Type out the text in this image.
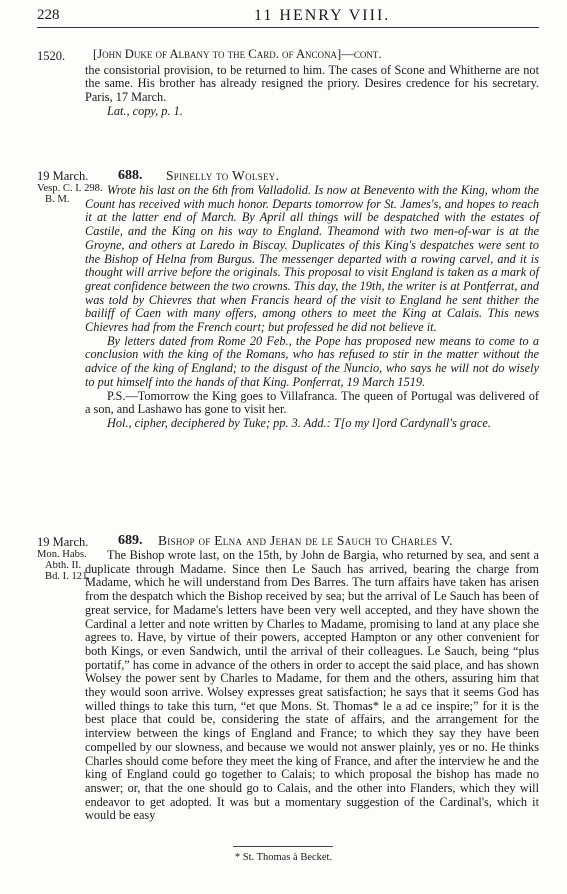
228	11 HENRY VIII.
1520.	[John Duke of Albany to the Card. of Ancona]—cont.

the consistorial provision, to be returned to him. The cases of Scone and Whitherne are not the same. His brother has already resigned the priory. Desires credence for his secretary. Paris, 17 March.

Lat., copy, p. 1.

19 March.
Vesp. C. I. 298.
B. M.
688. Spinelly to Wolsey.

Wrote his last on the 6th from Valladolid. Is now at Benevento with the King, whom the Count has received with much honor. Departs tomorrow for St. James's, and hopes to reach it at the latter end of March. By April all things will be despatched with the estates of Castile, and the King on his way to England. Theamond with two men-of-war is at the Groyne, and others at Laredo in Biscay. Duplicates of this King's despatches were sent to the Bishop of Helna from Burgus. The messenger departed with a rowing carvel, and it is thought will arrive before the originals. This proposal to visit England is taken as a mark of great confidence between the two crowns. This day, the 19th, the writer is at Pontferrat, and was told by Chievres that when Francis heard of the visit to England he sent thither the bailiff of Caen with many offers, among others to meet the King at Calais. This news Chievres had from the French court; but professed he did not believe it.

By letters dated from Rome 20 Feb., the Pope has proposed new means to come to a conclusion with the king of the Romans, who has refused to stir in the matter without the advice of the king of England; to the disgust of the Nuncio, who says he will not do wisely to put himself into the hands of that King. Ponferrat, 19 March 1519.

P.S.—Tomorrow the King goes to Villafranca. The queen of Portugal was delivered of a son, and Lashawo has gone to visit her.

Hol., cipher, deciphered by Tuke; pp. 3. Add.: T[o my l]ord Cardynall's grace.

19 March.
Mon. Habs.
Abth. II.
Bd. I. 121.
689. Bishop of Elna and Jehan de le Sauch to Charles V.

The Bishop wrote last, on the 15th, by John de Bargia, who returned by sea, and sent a duplicate through Madame. Since then Le Sauch has arrived, bearing the charge from Madame, which he will understand from Des Barres. The turn affairs have taken has arisen from the despatch which the Bishop received by sea; but the arrival of Le Sauch has been of great service, for Madame's letters have been very well accepted, and they have shown the Cardinal a letter and note written by Charles to Madame, promising to land at any place she agrees to. Have, by virtue of their powers, accepted Hampton or any other convenient for both Kings, or even Sandwich, until the arrival of their colleagues. Le Sauch, being “plus portatif,” has come in advance of the others in order to accept the said place, and has shown Wolsey the power sent by Charles to Madame, for them and the others, assuring him that they would soon arrive. Wolsey expresses great satisfaction; he says that it seems God has willed things to take this turn, “et que Mons. St. Thomas* le a ad ce inspire;” for it is the best place that could be, considering the state of affairs, and the arrangement for the interview between the kings of England and France; to which they say they have been compelled by our slowness, and because we would not answer plainly, yes or no. He thinks Charles should come before they meet the king of France, and after the interview he and the king of England could go together to Calais; to which proposal the bishop has made no answer; or, that the one should go to Calais, and the other into Flanders, which they will endeavor to get adopted. It was but a momentary suggestion of the Cardinal's, which it would be easy

* St. Thomas à Becket.
